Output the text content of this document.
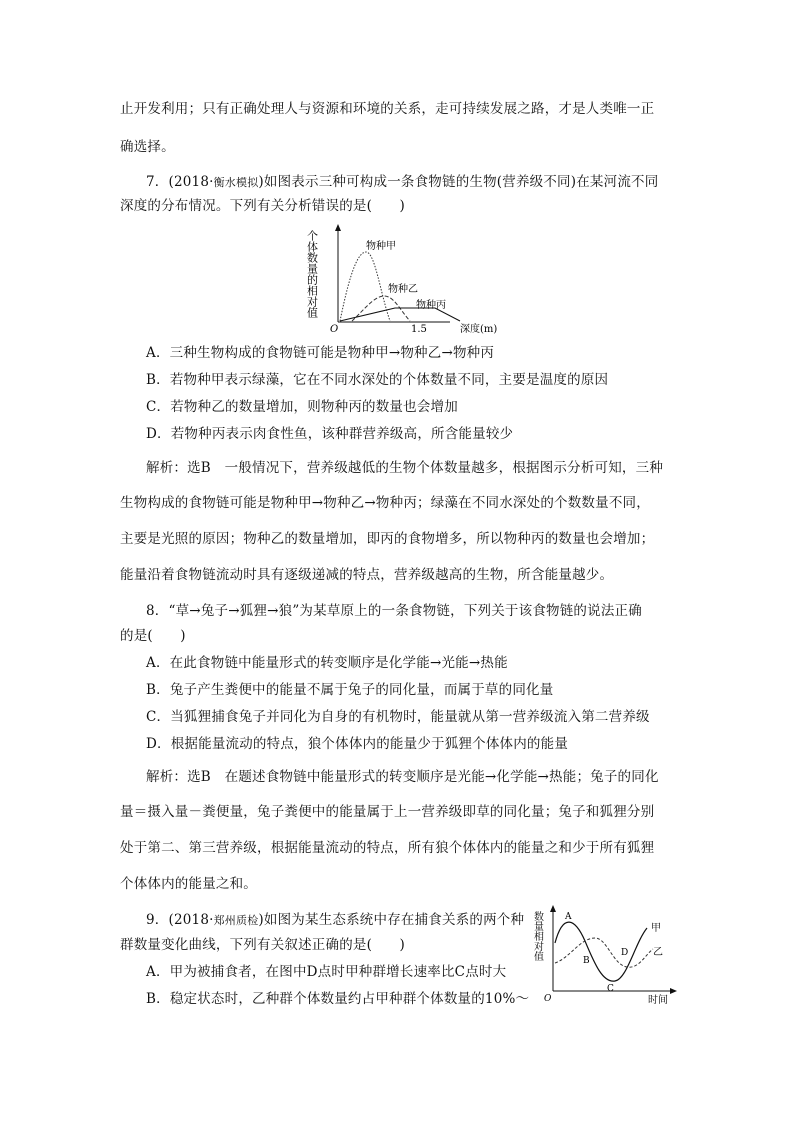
止开发利用；只有正确处理人与资源和环境的关系，走可持续发展之路，才是人类唯一正
确选择。
7．(2018·衡水模拟)如图表示三种可构成一条食物链的生物(营养级不同)在某河流不同
深度的分布情况。下列有关分析错误的是(　　)
个体数量的相对值
O	1.5	深度(m)
物种甲
物种乙
物种丙
A．三种生物构成的食物链可能是物种甲→物种乙→物种丙
B．若物种甲表示绿藻，它在不同水深处的个体数量不同，主要是温度的原因
C．若物种乙的数量增加，则物种丙的数量也会增加
D．若物种丙表示肉食性鱼，该种群营养级高，所含能量较少
解析：选B　一般情况下，营养级越低的生物个体数量越多，根据图示分析可知，三种
生物构成的食物链可能是物种甲→物种乙→物种丙；绿藻在不同水深处的个数数量不同，
主要是光照的原因；物种乙的数量增加，即丙的食物增多，所以物种丙的数量也会增加；
能量沿着食物链流动时具有逐级递减的特点，营养级越高的生物，所含能量越少。
8．“草→兔子→狐狸→狼”为某草原上的一条食物链，下列关于该食物链的说法正确
的是(　　)
A．在此食物链中能量形式的转变顺序是化学能→光能→热能
B．兔子产生粪便中的能量不属于兔子的同化量，而属于草的同化量
C．当狐狸捕食兔子并同化为自身的有机物时，能量就从第一营养级流入第二营养级
D．根据能量流动的特点，狼个体体内的能量少于狐狸个体体内的能量
解析：选B　在题述食物链中能量形式的转变顺序是光能→化学能→热能；兔子的同化
量＝摄入量－粪便量，兔子粪便中的能量属于上一营养级即草的同化量；兔子和狐狸分别
处于第二、第三营养级，根据能量流动的特点，所有狼个体体内的能量之和少于所有狐狸
个体体内的能量之和。
9．(2018·郑州质检)如图为某生态系统中存在捕食关系的两个种
群数量变化曲线，下列有关叙述正确的是(　　)
A．甲为被捕食者，在图中D点时甲种群增长速率比C点时大
B．稳定状态时，乙种群个体数量约占甲种群个体数量的10%～
数量相对值
O	时间
A
B
C
D
甲
乙
